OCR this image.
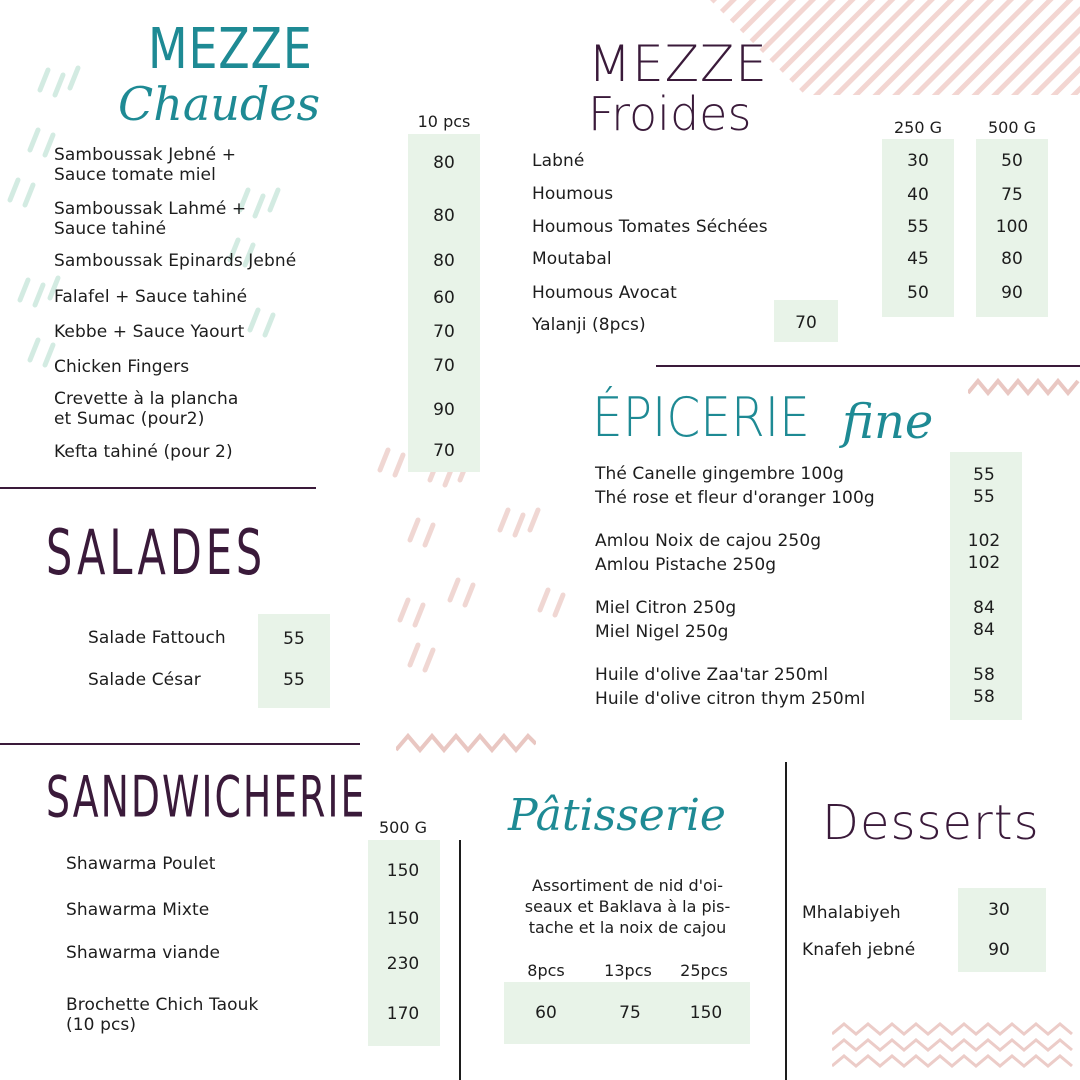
MEZZE
Chaudes	10 pcs
Samboussak Jebné +
Sauce tomate miel
80
Samboussak Lahmé +
Sauce tahiné
80
Samboussak Epinards Jebné	80
Falafel + Sauce tahiné	60
Kebbe + Sauce Yaourt	70
Chicken Fingers	70
Crevette à la plancha
et Sumac (pour2)	90
Kefta tahiné (pour 2)	70
MEZZE
Froides	250 G	500 G
Labné	30	50
Houmous	40	75
Houmous Tomates Séchées	55	100
Moutabal	45	80
Houmous Avocat	50	90
Yalanji (8pcs)	70
ÉPICERIE fine
Thé Canelle gingembre 100g	55
Thé rose et fleur d'oranger 100g	55
Amlou Noix de cajou 250g	102
Amlou Pistache 250g	102
Miel Citron 250g	84
Miel Nigel 250g	84
Huile d'olive Zaa'tar 250ml	58
Huile d'olive citron thym 250ml	58
SALADES
Salade Fattouch	55
Salade César	55
SANDWICHERIE 500 G
Shawarma Poulet	150
Shawarma Mixte	150
Shawarma viande
230
Brochette Chich Taouk
(10 pcs)
170
Pâtisserie
Assortiment de nid d'oi-
seaux et Baklava à la pis-
tache et la noix de cajou
8pcs	13pcs	25pcs
60	75	150
Desserts
Mhalabiyeh	30
Knafeh jebné	90
